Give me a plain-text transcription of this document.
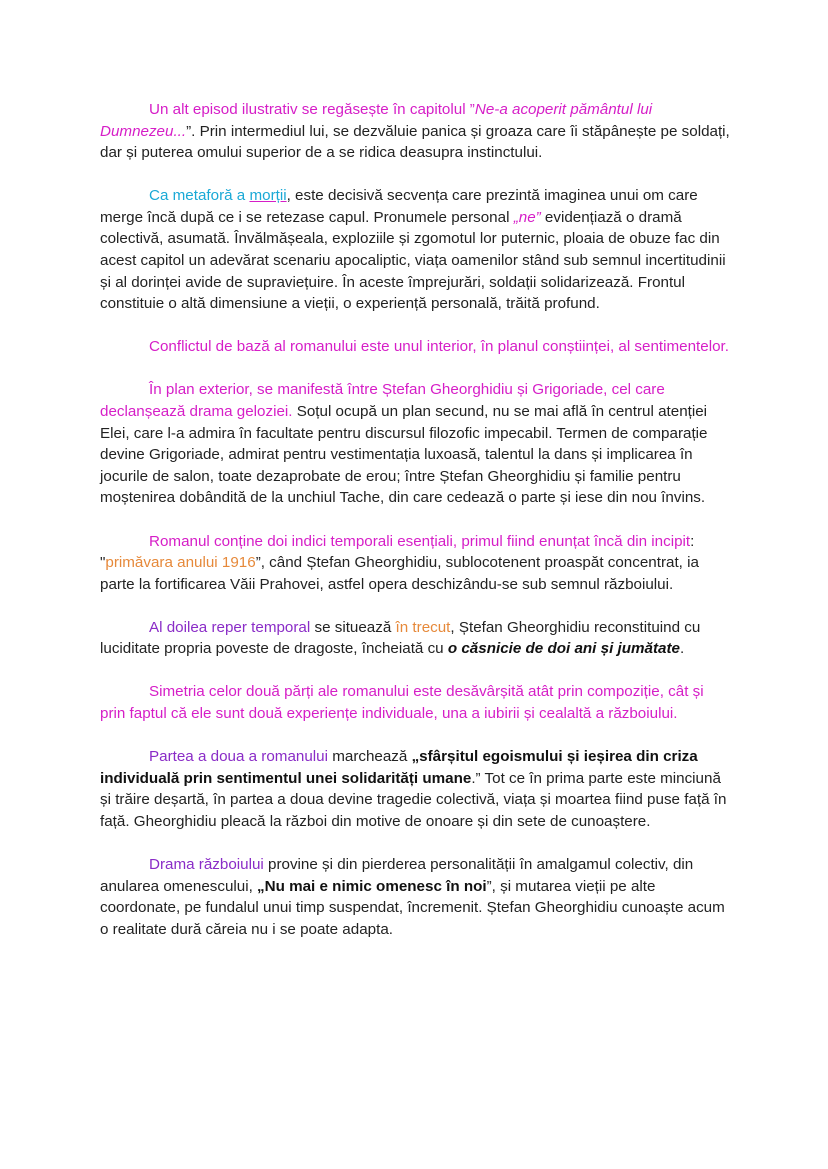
Un alt episod ilustrativ se regăsește în capitolul ”Ne-a acoperit pământul lui Dumnezeu...”. Prin intermediul lui, se dezvăluie panica și groaza care îi stăpânește pe soldați, dar și puterea omului superior de a se ridica deasupra instinctului.

Ca metaforă a morții, este decisivă secvența care prezintă imaginea unui om care merge încă după ce i se retezase capul. Pronumele personal „ne” evidențiază o dramă colectivă, asumată. Învălmășeala, exploziile și zgomotul lor puternic, ploaia de obuze fac din acest capitol un adevărat scenariu apocaliptic, viața oamenilor stând sub semnul incertitudinii și al dorinței avide de supraviețuire. În aceste împrejurări, soldații solidarizează. Frontul constituie o altă dimensiune a vieții, o experiență personală, trăită profund.

Conflictul de bază al romanului este unul interior, în planul conștiinței, al sentimentelor.

În plan exterior, se manifestă între Ștefan Gheorghidiu și Grigoriade, cel care declanșează drama geloziei. Soțul ocupă un plan secund, nu se mai află în centrul atenției Elei, care l-a admira în facultate pentru discursul filozofic impecabil. Termen de comparație devine Grigoriade, admirat pentru vestimentația luxoasă, talentul la dans și implicarea în jocurile de salon, toate dezaprobate de erou; între Ștefan Gheorghidiu și familie pentru moștenirea dobândită de la unchiul Tache, din care cedează o parte și iese din nou învins.

Romanul conține doi indici temporali esențiali, primul fiind enunțat încă din incipit: "primăvara anului 1916”, când Ștefan Gheorghidiu, sublocotenent proaspăt concentrat, ia parte la fortificarea Văii Prahovei, astfel opera deschizându-se sub semnul războiului.

Al doilea reper temporal se situează în trecut, Ștefan Gheorghidiu reconstituind cu luciditate propria poveste de dragoste, încheiată cu o căsnicie de doi ani și jumătate.

Simetria celor două părți ale romanului este desăvârșită atât prin compoziție, cât și prin faptul că ele sunt două experiențe individuale, una a iubirii și cealaltă a războiului.

Partea a doua a romanului marchează „sfârșitul egoismului și ieșirea din criza individuală prin sentimentul unei solidarități umane.” Tot ce în prima parte este minciună și trăire deșartă, în partea a doua devine tragedie colectivă, viața și moartea fiind puse față în față. Gheorghidiu pleacă la război din motive de onoare și din sete de cunoaștere.

Drama războiului provine și din pierderea personalității în amalgamul colectiv, din anularea omenescului, „Nu mai e nimic omenesc în noi”, și mutarea vieții pe alte coordonate, pe fundalul unui timp suspendat, încremenit. Ștefan Gheorghidiu cunoaște acum o realitate dură căreia nu i se poate adapta.
